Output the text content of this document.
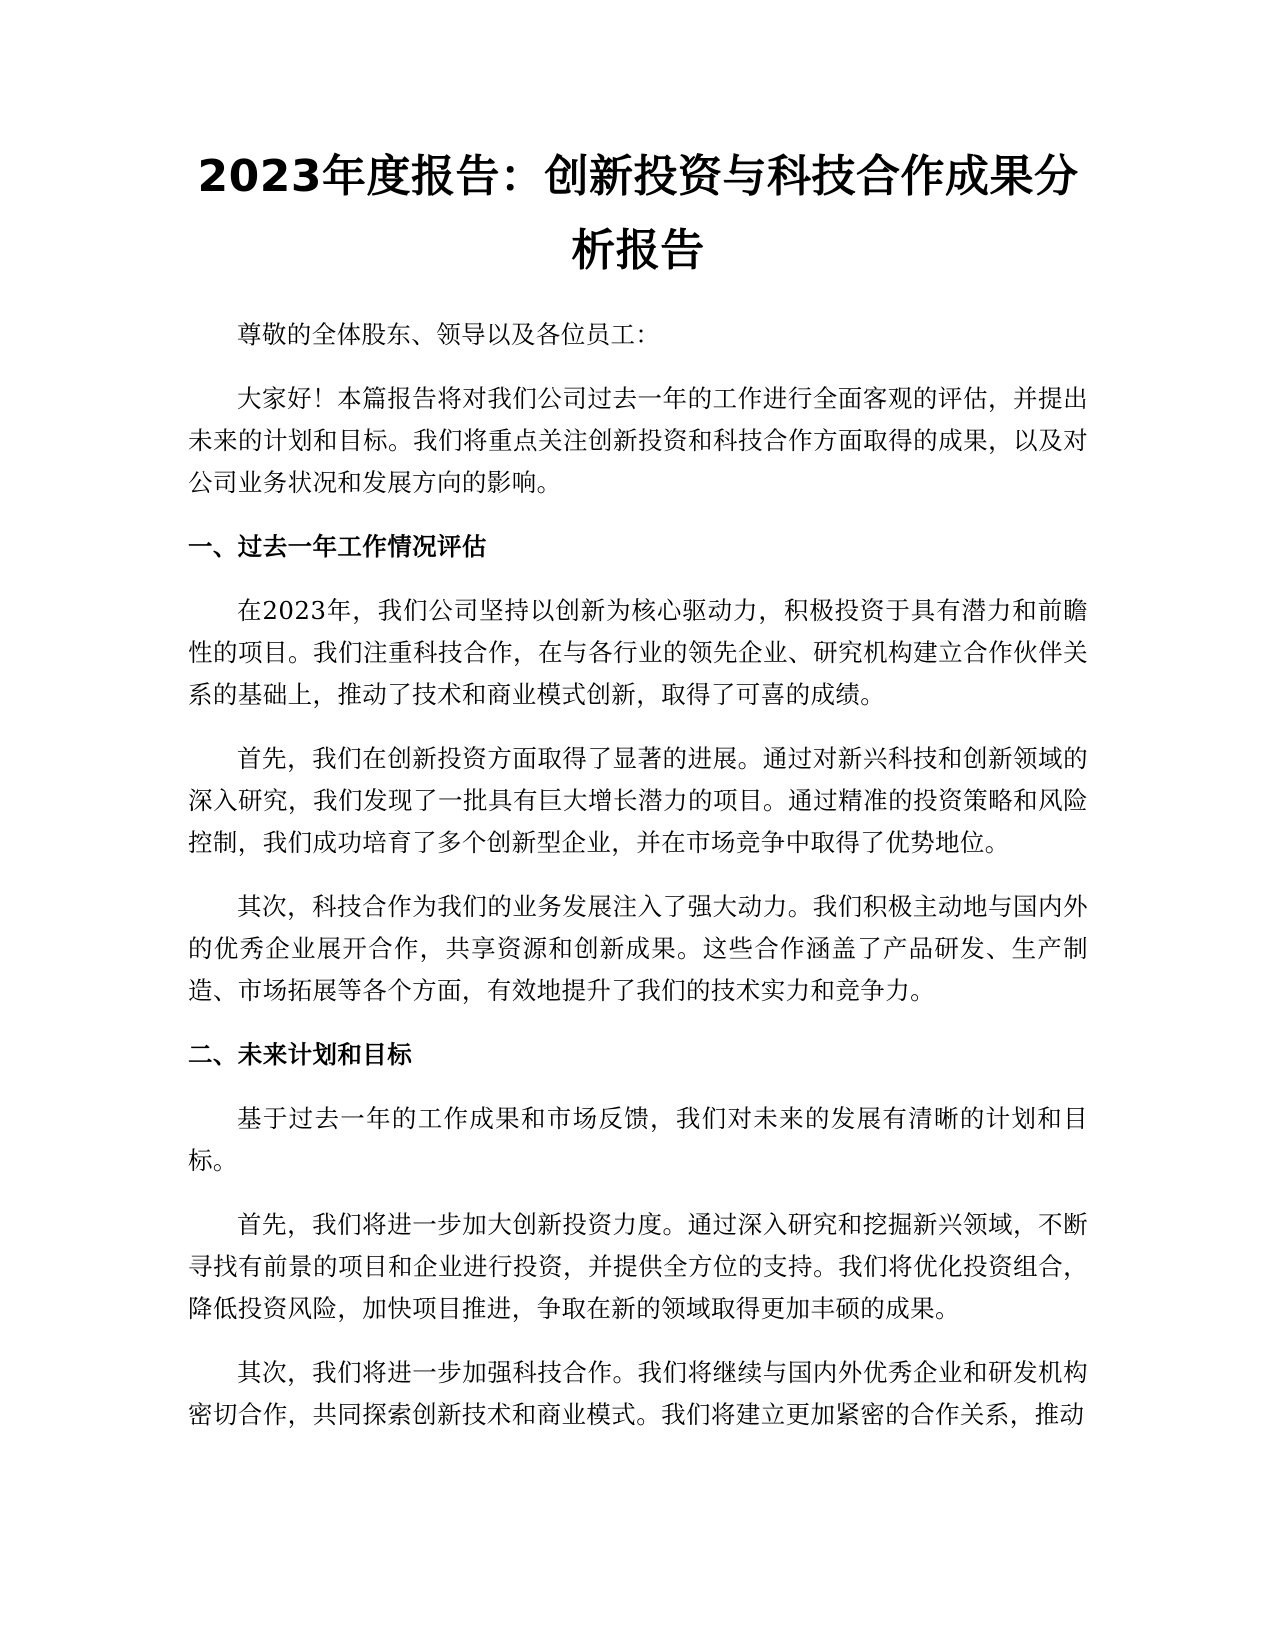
2023年度报告：创新投资与科技合作成果分析报告

尊敬的全体股东、领导以及各位员工：

大家好！本篇报告将对我们公司过去一年的工作进行全面客观的评估，并提出未来的计划和目标。我们将重点关注创新投资和科技合作方面取得的成果，以及对公司业务状况和发展方向的影响。

一、过去一年工作情况评估

在2023年，我们公司坚持以创新为核心驱动力，积极投资于具有潜力和前瞻性的项目。我们注重科技合作，在与各行业的领先企业、研究机构建立合作伙伴关系的基础上，推动了技术和商业模式创新，取得了可喜的成绩。

首先，我们在创新投资方面取得了显著的进展。通过对新兴科技和创新领域的深入研究，我们发现了一批具有巨大增长潜力的项目。通过精准的投资策略和风险控制，我们成功培育了多个创新型企业，并在市场竞争中取得了优势地位。

其次，科技合作为我们的业务发展注入了强大动力。我们积极主动地与国内外的优秀企业展开合作，共享资源和创新成果。这些合作涵盖了产品研发、生产制造、市场拓展等各个方面，有效地提升了我们的技术实力和竞争力。

二、未来计划和目标

基于过去一年的工作成果和市场反馈，我们对未来的发展有清晰的计划和目标。

首先，我们将进一步加大创新投资力度。通过深入研究和挖掘新兴领域，不断寻找有前景的项目和企业进行投资，并提供全方位的支持。我们将优化投资组合，降低投资风险，加快项目推进，争取在新的领域取得更加丰硕的成果。

其次，我们将进一步加强科技合作。我们将继续与国内外优秀企业和研发机构密切合作，共同探索创新技术和商业模式。我们将建立更加紧密的合作关系，推动
